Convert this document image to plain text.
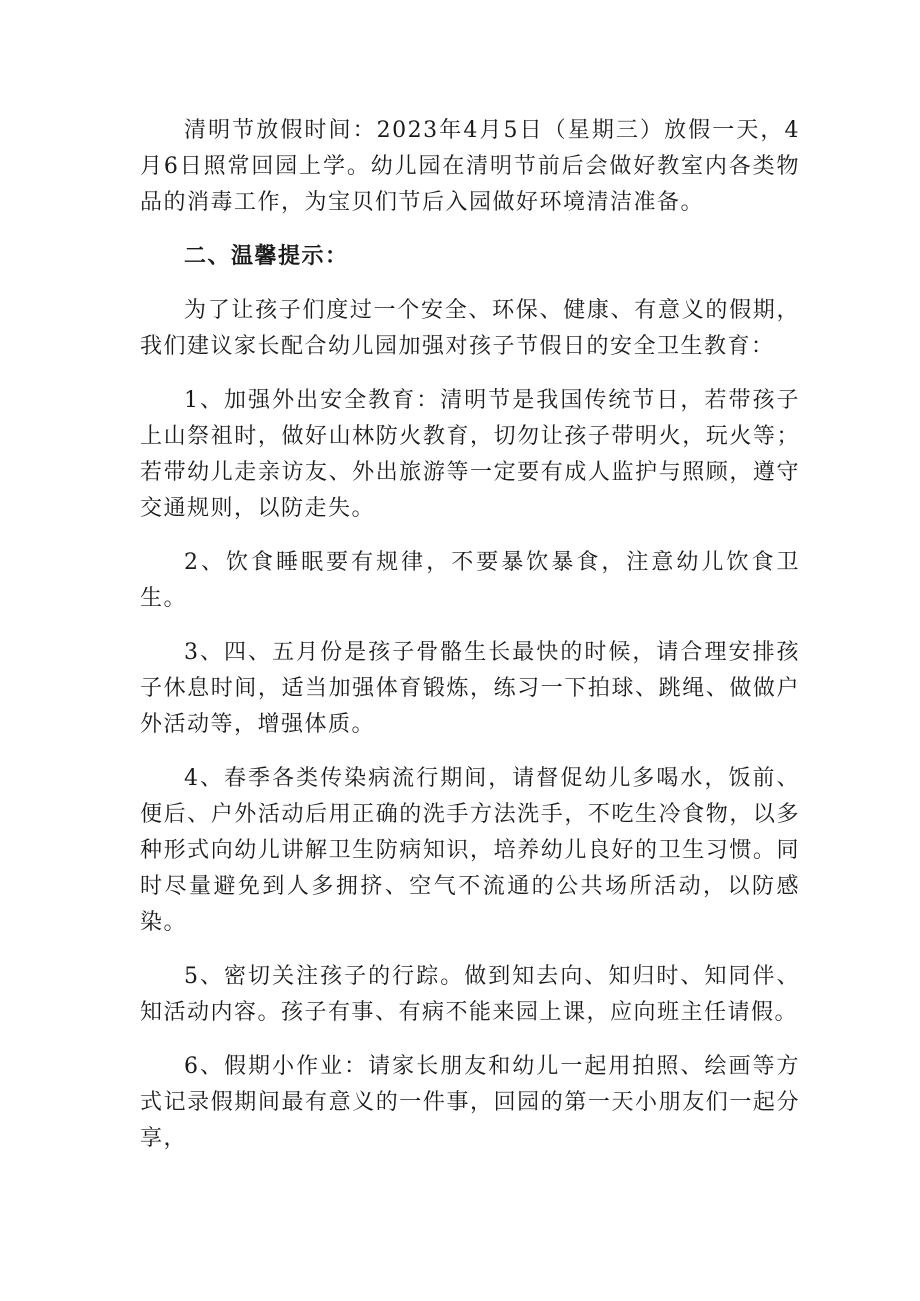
清明节放假时间：2023年4月5日（星期三）放假一天，4月6日照常回园上学。幼儿园在清明节前后会做好教室内各类物品的消毒工作，为宝贝们节后入园做好环境清洁准备。

二、温馨提示：

为了让孩子们度过一个安全、环保、健康、有意义的假期，我们建议家长配合幼儿园加强对孩子节假日的安全卫生教育：

1、加强外出安全教育：清明节是我国传统节日，若带孩子上山祭祖时，做好山林防火教育，切勿让孩子带明火，玩火等；若带幼儿走亲访友、外出旅游等一定要有成人监护与照顾，遵守交通规则，以防走失。

2、饮食睡眠要有规律，不要暴饮暴食，注意幼儿饮食卫生。

3、四、五月份是孩子骨骼生长最快的时候，请合理安排孩子休息时间，适当加强体育锻炼，练习一下拍球、跳绳、做做户外活动等，增强体质。

4、春季各类传染病流行期间，请督促幼儿多喝水，饭前、便后、户外活动后用正确的洗手方法洗手，不吃生冷食物，以多种形式向幼儿讲解卫生防病知识，培养幼儿良好的卫生习惯。同时尽量避免到人多拥挤、空气不流通的公共场所活动，以防感染。

5、密切关注孩子的行踪。做到知去向、知归时、知同伴、知活动内容。孩子有事、有病不能来园上课，应向班主任请假。

6、假期小作业：请家长朋友和幼儿一起用拍照、绘画等方式记录假期间最有意义的一件事，回园的第一天小朋友们一起分享，
